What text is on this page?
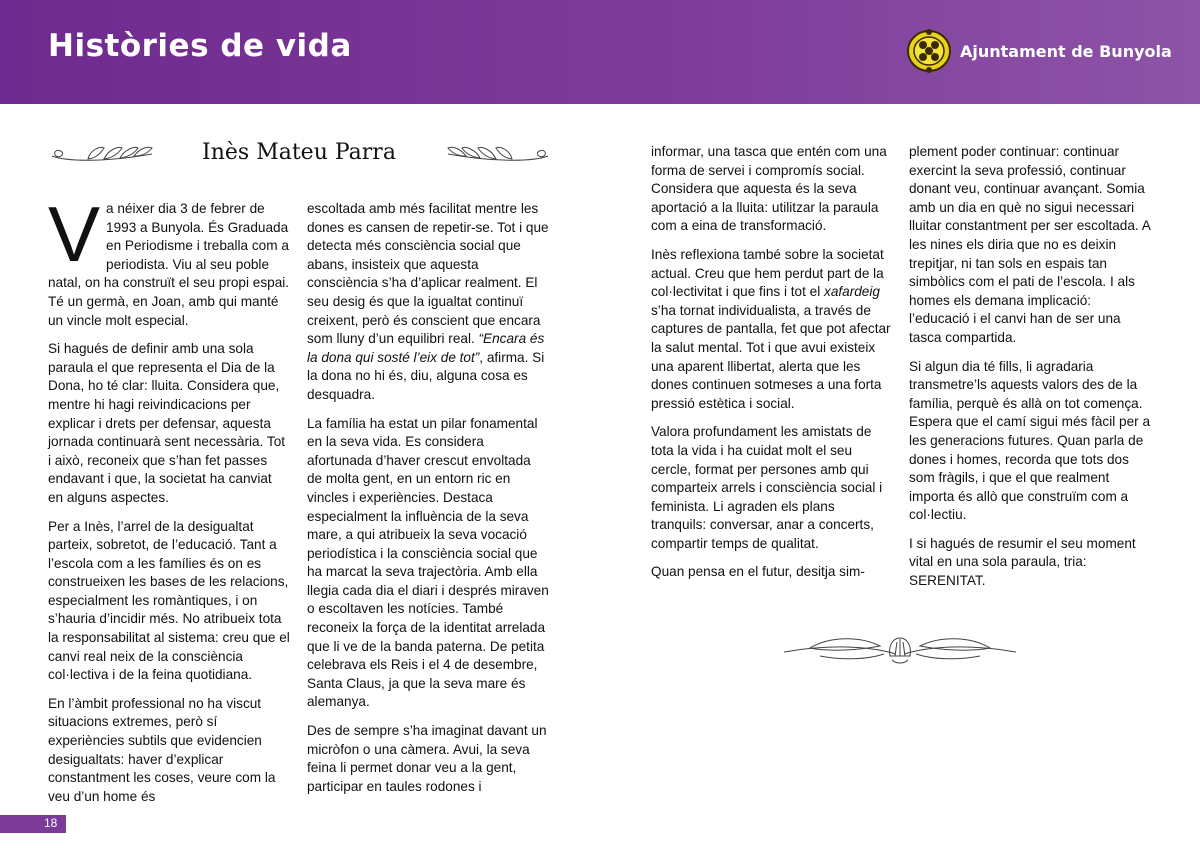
Històries de vida	Ajuntament de Bunyola
Inès Mateu Parra

Va néixer dia 3 de febrer de 1993 a Bunyola. És Graduada en Periodisme i treballa com a periodista. Viu al seu poble natal, on ha construït el seu propi espai. Té un germà, en Joan, amb qui manté un vincle molt especial.

Si hagués de definir amb una sola paraula el que representa el Dia de la Dona, ho té clar: lluita. Considera que, mentre hi hagi reivindicacions per explicar i drets per defensar, aquesta jornada continuarà sent necessària. Tot i això, reconeix que s’han fet passes endavant i que, la societat ha canviat en alguns aspectes.

Per a Inès, l’arrel de la desigualtat parteix, sobretot, de l’educació. Tant a l’escola com a les famílies és on es construeixen les bases de les relacions, especialment les romàntiques, i on s’hauria d’incidir més. No atribueix tota la responsabilitat al sistema: creu que el canvi real neix de la consciència col·lectiva i de la feina quotidiana.

En l’àmbit professional no ha viscut situacions extremes, però sí experiències subtils que evidencien desigualtats: haver d’explicar constantment les coses, veure com la veu d’un home és

escoltada amb més facilitat mentre les dones es cansen de repetir-se. Tot i que detecta més consciència social que abans, insisteix que aquesta consciència s’ha d’aplicar realment. El seu desig és que la igualtat continuï creixent, però és conscient que encara som lluny d’un equilibri real. “Encara és la dona qui sosté l’eix de tot”, afirma. Si la dona no hi és, diu, alguna cosa es desquadra.

La família ha estat un pilar fonamental en la seva vida. Es considera afortunada d’haver crescut envoltada de molta gent, en un entorn ric en vincles i experiències. Destaca especialment la influència de la seva mare, a qui atribueix la seva vocació periodística i la consciència social que ha marcat la seva trajectòria. Amb ella llegia cada dia el diari i després miraven o escoltaven les notícies. També reconeix la força de la identitat arrelada que li ve de la banda paterna. De petita celebrava els Reis i el 4 de desembre, Santa Claus, ja que la seva mare és alemanya.

Des de sempre s’ha imaginat davant un micròfon o una càmera. Avui, la seva feina li permet donar veu a la gent, participar en taules rodones i

informar, una tasca que entén com una forma de servei i compromís social. Considera que aquesta és la seva aportació a la lluita: utilitzar la paraula com a eina de transformació.

Inès reflexiona també sobre la societat actual. Creu que hem perdut part de la col·lectivitat i que fins i tot el xafardeig s’ha tornat individualista, a través de captures de pantalla, fet que pot afectar la salut mental. Tot i que avui existeix una aparent llibertat, alerta que les dones continuen sotmeses a una forta pressió estètica i social.

Valora profundament les amistats de tota la vida i ha cuidat molt el seu cercle, format per persones amb qui comparteix arrels i consciència social i feminista. Li agraden els plans tranquils: conversar, anar a concerts, compartir temps de qualitat.

Quan pensa en el futur, desitja sim-

plement poder continuar: continuar exercint la seva professió, continuar donant veu, continuar avançant. Somia amb un dia en què no sigui necessari lluitar constantment per ser escoltada. A les nines els diria que no es deixin trepitjar, ni tan sols en espais tan simbòlics com el pati de l’escola. I als homes els demana implicació: l’educació i el canvi han de ser una tasca compartida.

Si algun dia té fills, li agradaria transmetre’ls aquests valors des de la família, perquè és allà on tot comença. Espera que el camí sigui més fàcil per a les generacions futures. Quan parla de dones i homes, recorda que tots dos som fràgils, i que el que realment importa és allò que construïm com a col·lectiu.

I si hagués de resumir el seu moment vital en una sola paraula, tria: SERENITAT.

18
